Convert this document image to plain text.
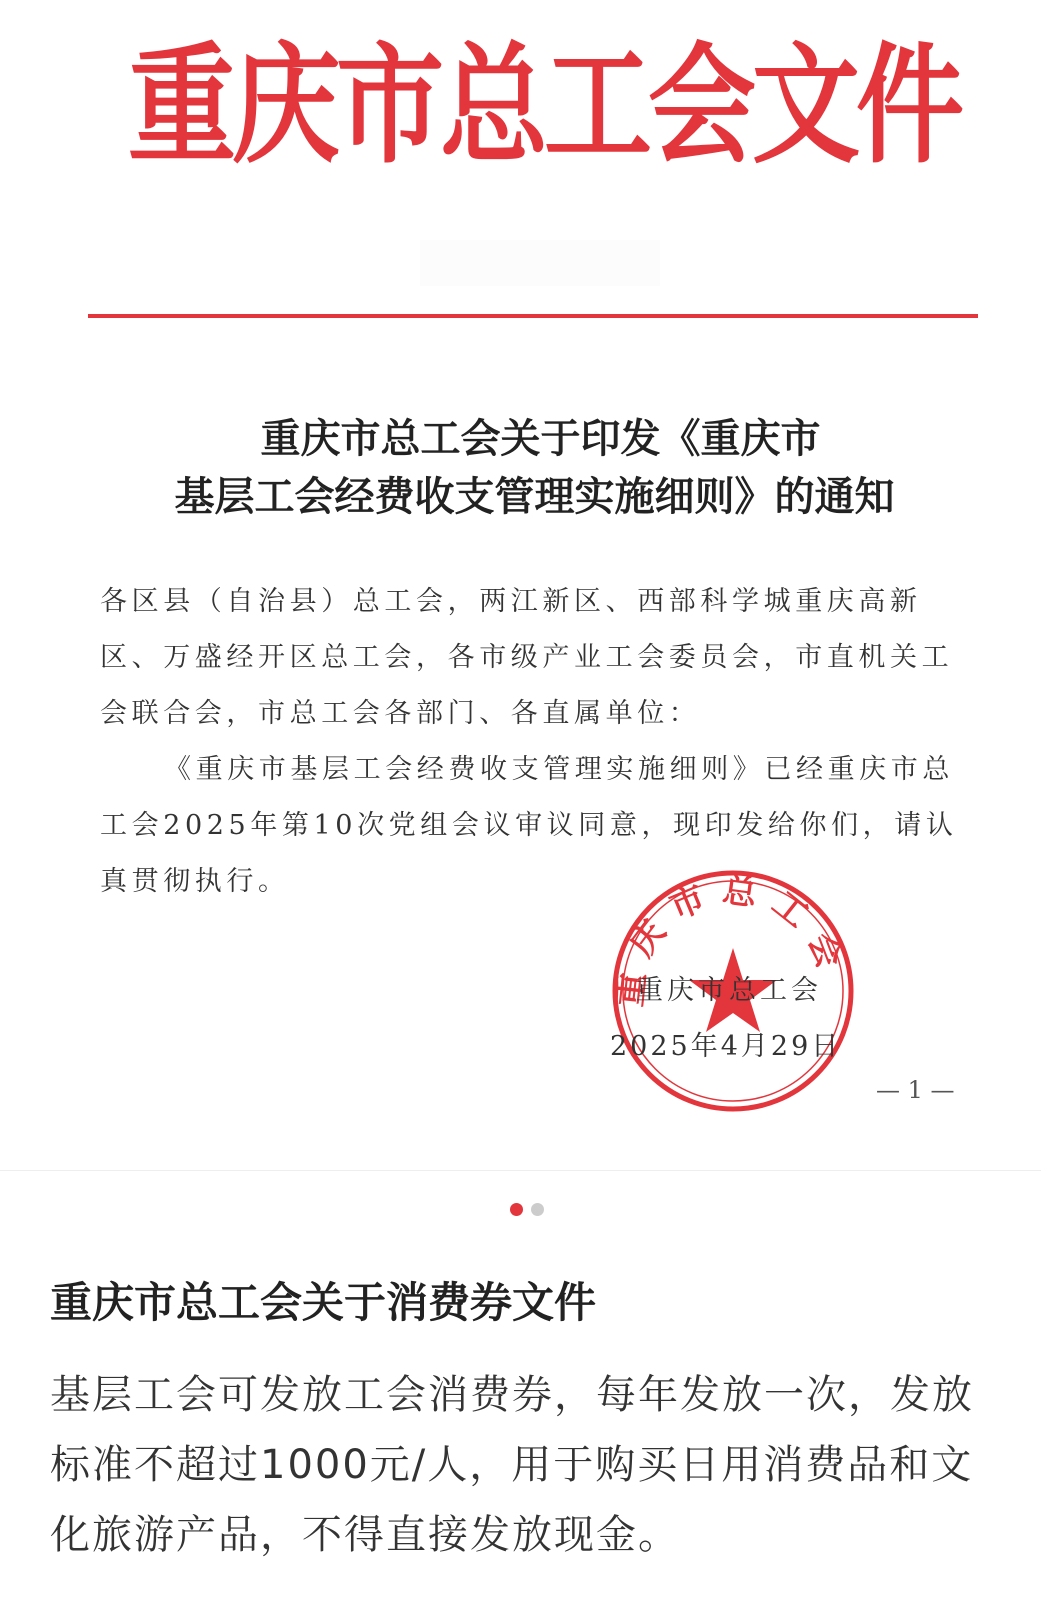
重庆市总工会文件
重庆市总工会关于印发《重庆市
基层工会经费收支管理实施细则》的通知
各区县（自治县）总工会，两江新区、西部科学城重庆高新区、万盛经开区总工会，各市级产业工会委员会，市直机关工会联合会，市总工会各部门、各直属单位：
《重庆市基层工会经费收支管理实施细则》已经重庆市总工会2025年第10次党组会议审议同意，现印发给你们，请认真贯彻执行。
重庆市总工会
重庆市总工会
2025年4月29日
— 1 —
重庆市总工会关于消费券文件
基层工会可发放工会消费券，每年发放一次，发放标准不超过1000元/人，用于购买日用消费品和文化旅游产品，不得直接发放现金。
